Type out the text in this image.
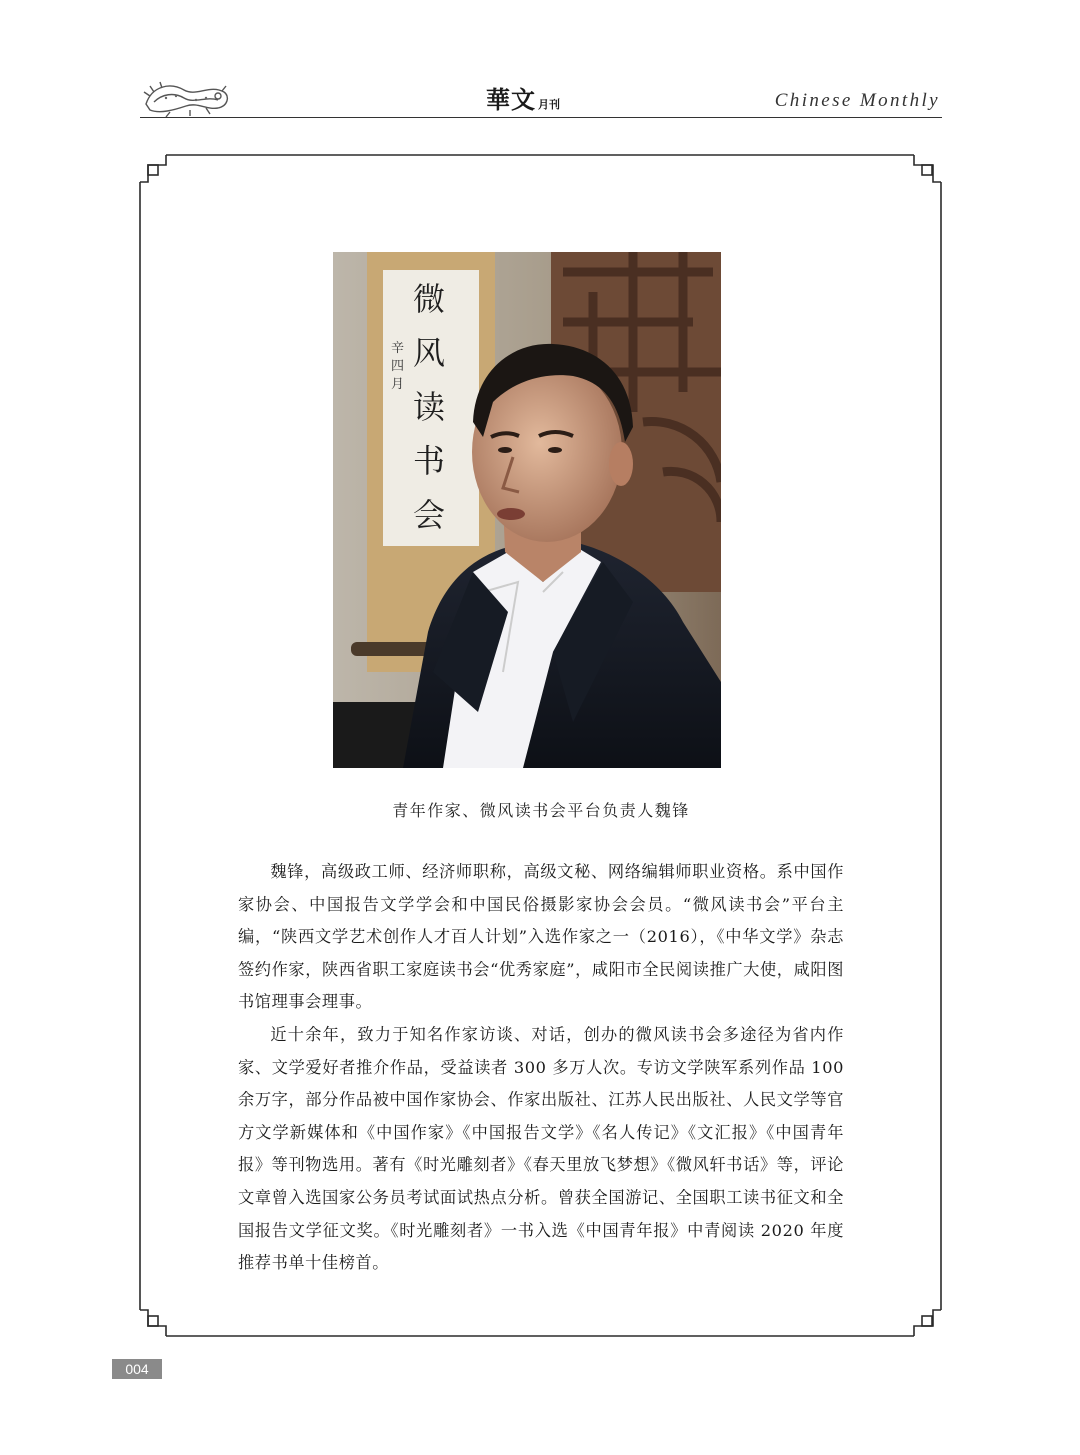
華文 月刊	Chinese Monthly
微
风
读
书
会
辛
四
月
青年作家、微风读书会平台负责人魏锋

魏锋，高级政工师、经济师职称，高级文秘、网络编辑师职业资格。系中国作家协会、中国报告文学学会和中国民俗摄影家协会会员。“微风读书会”平台主编，“陕西文学艺术创作人才百人计划”入选作家之一（2016），《中华文学》杂志签约作家，陕西省职工家庭读书会“优秀家庭”，咸阳市全民阅读推广大使，咸阳图书馆理事会理事。

近十余年，致力于知名作家访谈、对话，创办的微风读书会多途径为省内作家、文学爱好者推介作品，受益读者 300 多万人次。专访文学陕军系列作品 100 余万字，部分作品被中国作家协会、作家出版社、江苏人民出版社、人民文学等官方文学新媒体和《中国作家》《中国报告文学》《名人传记》《文汇报》《中国青年报》等刊物选用。著有《时光雕刻者》《春天里放飞梦想》《微风轩书话》等，评论文章曾入选国家公务员考试面试热点分析。曾获全国游记、全国职工读书征文和全国报告文学征文奖。《时光雕刻者》一书入选《中国青年报》中青阅读 2020 年度推荐书单十佳榜首。

004
